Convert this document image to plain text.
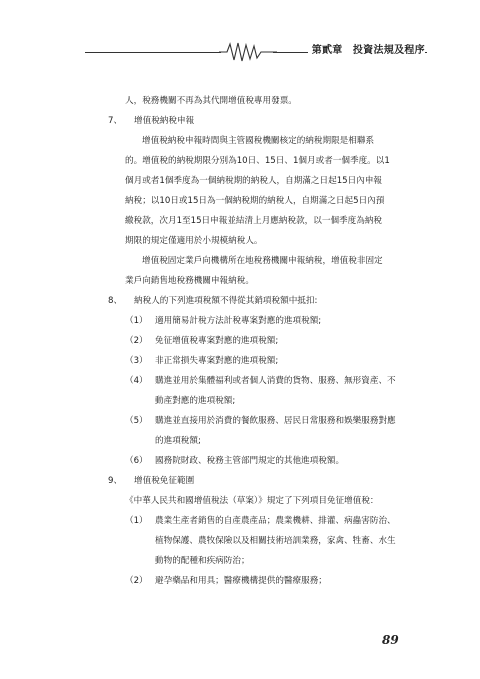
第貳章　投資法規及程序

人，稅務機關不再為其代開增值稅專用發票。

7、	增值稅納稅申報

增值稅納稅申報時間與主管國稅機關核定的納稅期限是相聯系

的。增值稅的納稅期限分別為10日、15日、1個月或者一個季度。以1

個月或者1個季度為一個納稅期的納稅人，自期滿之日起15日內申報

納稅；以10日或15日為一個納稅期的納稅人，自期滿之日起5日內預

繳稅款，次月1至15日申報並結清上月應納稅款，以一個季度為納稅

期限的規定僅適用於小規模納稅人。

增值稅固定業戶向機構所在地稅務機關申報納稅，增值稅非固定

業戶向銷售地稅務機關申報納稅。

8、	納稅人的下列進項稅額不得從其銷項稅額中抵扣:
（1） 適用簡易計稅方法計稅專案對應的進項稅額;
（2） 免征增值稅專案對應的進項稅額;
（3） 非正常損失專案對應的進項稅額;
（4） 購進並用於集體福利或者個人消費的貨物、服務、無形資產、不
動產對應的進項稅額;
（5） 購進並直接用於消費的餐飲服務、居民日常服務和娛樂服務對應
的進項稅額;
（6） 國務院財政、稅務主管部門規定的其他進項稅額。
9、	增值稅免征範圍

《中華人民共和國增值稅法（草案）》規定了下列項目免征增值稅：

（1） 農業生產者銷售的自產農產品；農業機耕、排灌、病蟲害防治、
植物保護、農牧保險以及相關技術培訓業務，家禽、牲畜、水生
動物的配種和疾病防治；
（2） 避孕藥品和用具；醫療機構提供的醫療服務；
89
